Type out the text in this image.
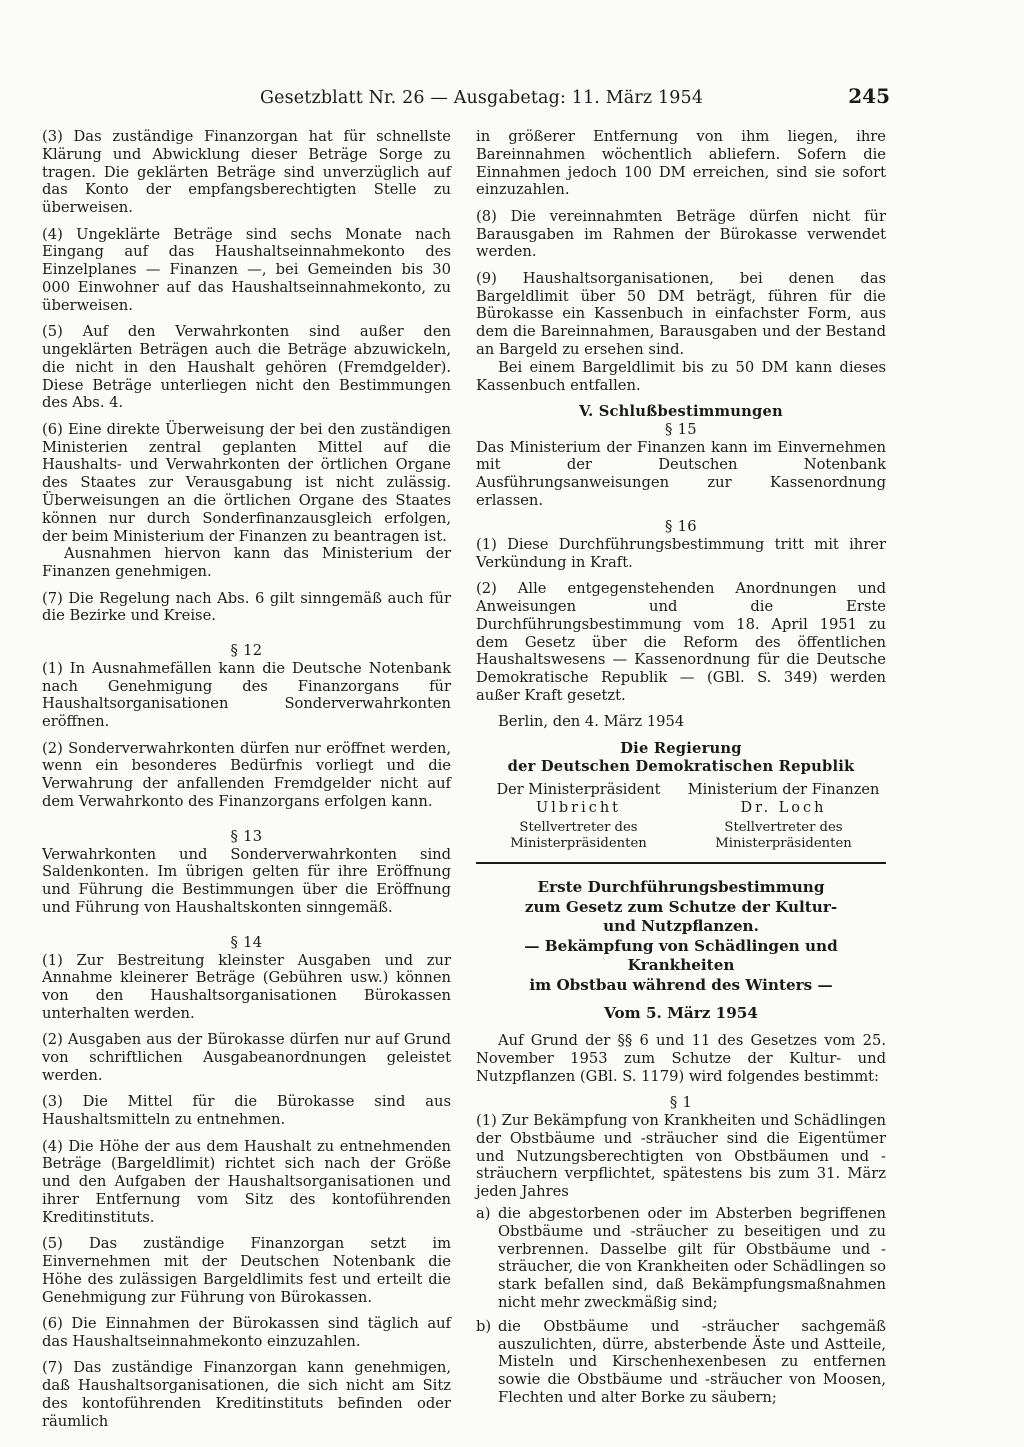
Gesetzblatt Nr. 26 — Ausgabetag: 11. März 1954	245

(3) Das zuständige Finanzorgan hat für schnellste Klärung und Abwicklung dieser Beträge Sorge zu tragen. Die geklärten Beträge sind unverzüglich auf das Konto der empfangsberechtigten Stelle zu überweisen.

(4) Ungeklärte Beträge sind sechs Monate nach Eingang auf das Haushaltseinnahmekonto des Einzelplanes — Finanzen —, bei Gemeinden bis 30 000 Einwohner auf das Haushaltseinnahmekonto, zu überweisen.

(5) Auf den Verwahrkonten sind außer den ungeklärten Beträgen auch die Beträge abzuwickeln, die nicht in den Haushalt gehören (Fremdgelder). Diese Beträge unterliegen nicht den Bestimmungen des Abs. 4.

(6) Eine direkte Überweisung der bei den zuständigen Ministerien zentral geplanten Mittel auf die Haushalts- und Verwahrkonten der örtlichen Organe des Staates zur Verausgabung ist nicht zulässig. Überweisungen an die örtlichen Organe des Staates können nur durch Sonderfinanzausgleich erfolgen, der beim Ministerium der Finanzen zu beantragen ist.

Ausnahmen hiervon kann das Ministerium der Finanzen genehmigen.

(7) Die Regelung nach Abs. 6 gilt sinngemäß auch für die Bezirke und Kreise.

§ 12

(1) In Ausnahmefällen kann die Deutsche Notenbank nach Genehmigung des Finanzorgans für Haushaltsorganisationen Sonderverwahrkonten eröffnen.

(2) Sonderverwahrkonten dürfen nur eröffnet werden, wenn ein besonderes Bedürfnis vorliegt und die Verwahrung der anfallenden Fremdgelder nicht auf dem Verwahrkonto des Finanzorgans erfolgen kann.

§ 13

Verwahrkonten und Sonderverwahrkonten sind Saldenkonten. Im übrigen gelten für ihre Eröffnung und Führung die Bestimmungen über die Eröffnung und Führung von Haushaltskonten sinngemäß.

§ 14

(1) Zur Bestreitung kleinster Ausgaben und zur Annahme kleinerer Beträge (Gebühren usw.) können von den Haushaltsorganisationen Bürokassen unterhalten werden.

(2) Ausgaben aus der Bürokasse dürfen nur auf Grund von schriftlichen Ausgabeanordnungen geleistet werden.

(3) Die Mittel für die Bürokasse sind aus Haushaltsmitteln zu entnehmen.

(4) Die Höhe der aus dem Haushalt zu entnehmenden Beträge (Bargeldlimit) richtet sich nach der Größe und den Aufgaben der Haushaltsorganisationen und ihrer Entfernung vom Sitz des kontoführenden Kreditinstituts.

(5) Das zuständige Finanzorgan setzt im Einvernehmen mit der Deutschen Notenbank die Höhe des zulässigen Bargeldlimits fest und erteilt die Genehmigung zur Führung von Bürokassen.

(6) Die Einnahmen der Bürokassen sind täglich auf das Haushaltseinnahmekonto einzuzahlen.

(7) Das zuständige Finanzorgan kann genehmigen, daß Haushaltsorganisationen, die sich nicht am Sitz des kontoführenden Kreditinstituts befinden oder räumlich

in größerer Entfernung von ihm liegen, ihre Bareinnahmen wöchentlich abliefern. Sofern die Einnahmen jedoch 100 DM erreichen, sind sie sofort einzuzahlen.

(8) Die vereinnahmten Beträge dürfen nicht für Barausgaben im Rahmen der Bürokasse verwendet werden.

(9) Haushaltsorganisationen, bei denen das Bargeldlimit über 50 DM beträgt, führen für die Bürokasse ein Kassenbuch in einfachster Form, aus dem die Bareinnahmen, Barausgaben und der Bestand an Bargeld zu ersehen sind.

Bei einem Bargeldlimit bis zu 50 DM kann dieses Kassenbuch entfallen.

V. Schlußbestimmungen
§ 15

Das Ministerium der Finanzen kann im Einvernehmen mit der Deutschen Notenbank Ausführungsanweisungen zur Kassenordnung erlassen.

§ 16

(1) Diese Durchführungsbestimmung tritt mit ihrer Verkündung in Kraft.

(2) Alle entgegenstehenden Anordnungen und Anweisungen und die Erste Durchführungsbestimmung vom 18. April 1951 zu dem Gesetz über die Reform des öffentlichen Haushaltswesens — Kassenordnung für die Deutsche Demokratische Republik — (GBl. S. 349) werden außer Kraft gesetzt.

Berlin, den 4. März 1954

Die Regierung
der Deutschen Demokratischen Republik
Der Ministerpräsident
Ulbricht
Stellvertreter des
Ministerpräsidenten
Ministerium der Finanzen
Dr. Loch
Stellvertreter des
Ministerpräsidenten
Erste Durchführungsbestimmung
zum Gesetz zum Schutze der Kultur-
und Nutzpflanzen.
— Bekämpfung von Schädlingen und Krankheiten
im Obstbau während des Winters —
Vom 5. März 1954

Auf Grund der §§ 6 und 11 des Gesetzes vom 25. November 1953 zum Schutze der Kultur- und Nutzpflanzen (GBl. S. 1179) wird folgendes bestimmt:

§ 1

(1) Zur Bekämpfung von Krankheiten und Schädlingen der Obstbäume und -sträucher sind die Eigentümer und Nutzungsberechtigten von Obstbäumen und -sträuchern verpflichtet, spätestens bis zum 31. März jeden Jahres

a) die abgestorbenen oder im Absterben begriffenen Obstbäume und -sträucher zu beseitigen und zu verbrennen. Dasselbe gilt für Obstbäume und -sträucher, die von Krankheiten oder Schädlingen so stark befallen sind, daß Bekämpfungsmaßnahmen nicht mehr zweckmäßig sind;
b) die Obstbäume und -sträucher sachgemäß auszulichten, dürre, absterbende Äste und Astteile, Misteln und Kirschenhexenbesen zu entfernen sowie die Obstbäume und -sträucher von Moosen, Flechten und alter Borke zu säubern;
